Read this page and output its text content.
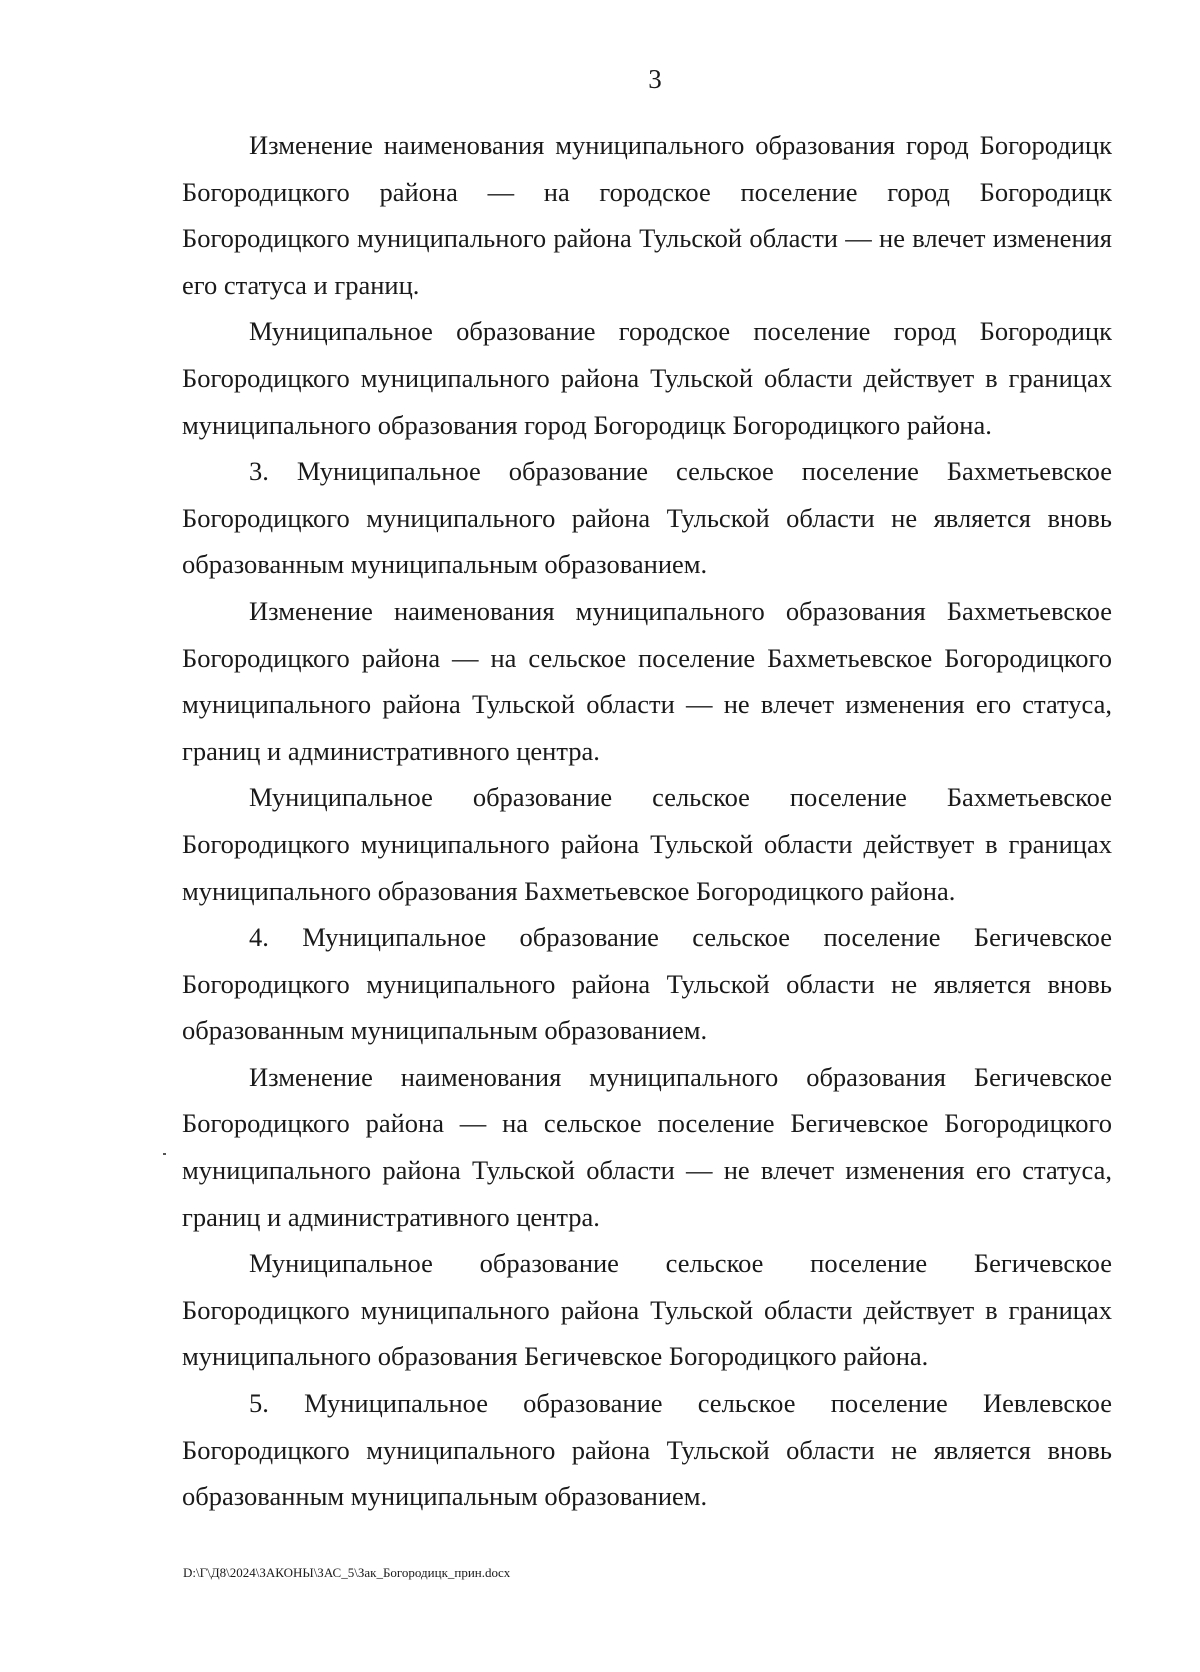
3

Изменение наименования муниципального образования город Богородицк Богородицкого района — на городское поселение город Богородицк Богородицкого муниципального района Тульской области — не влечет изменения его статуса и границ.

Муниципальное образование городское поселение город Богородицк Богородицкого муниципального района Тульской области действует в границах муниципального образования город Богородицк Богородицкого района.

3. Муниципальное образование сельское поселение Бахметьевское Богородицкого муниципального района Тульской области не является вновь образованным муниципальным образованием.

Изменение наименования муниципального образования Бахметьевское Богородицкого района — на сельское поселение Бахметьевское Богородицкого муниципального района Тульской области — не влечет изменения его статуса, границ и административного центра.

Муниципальное образование сельское поселение Бахметьевское Богородицкого муниципального района Тульской области действует в границах муниципального образования Бахметьевское Богородицкого района.

4. Муниципальное образование сельское поселение Бегичевское Богородицкого муниципального района Тульской области не является вновь образованным муниципальным образованием.

Изменение наименования муниципального образования Бегичевское Богородицкого района — на сельское поселение Бегичевское Богородицкого муниципального района Тульской области — не влечет изменения его статуса, границ и административного центра.

Муниципальное образование сельское поселение Бегичевское Богородицкого муниципального района Тульской области действует в границах муниципального образования Бегичевское Богородицкого района.

5. Муниципальное образование сельское поселение Иевлевское Богородицкого муниципального района Тульской области не является вновь образованным муниципальным образованием.

D:\Г\Д8\2024\ЗАКОНЫ\ЗАС_5\Зак_Богородицк_прин.docx
